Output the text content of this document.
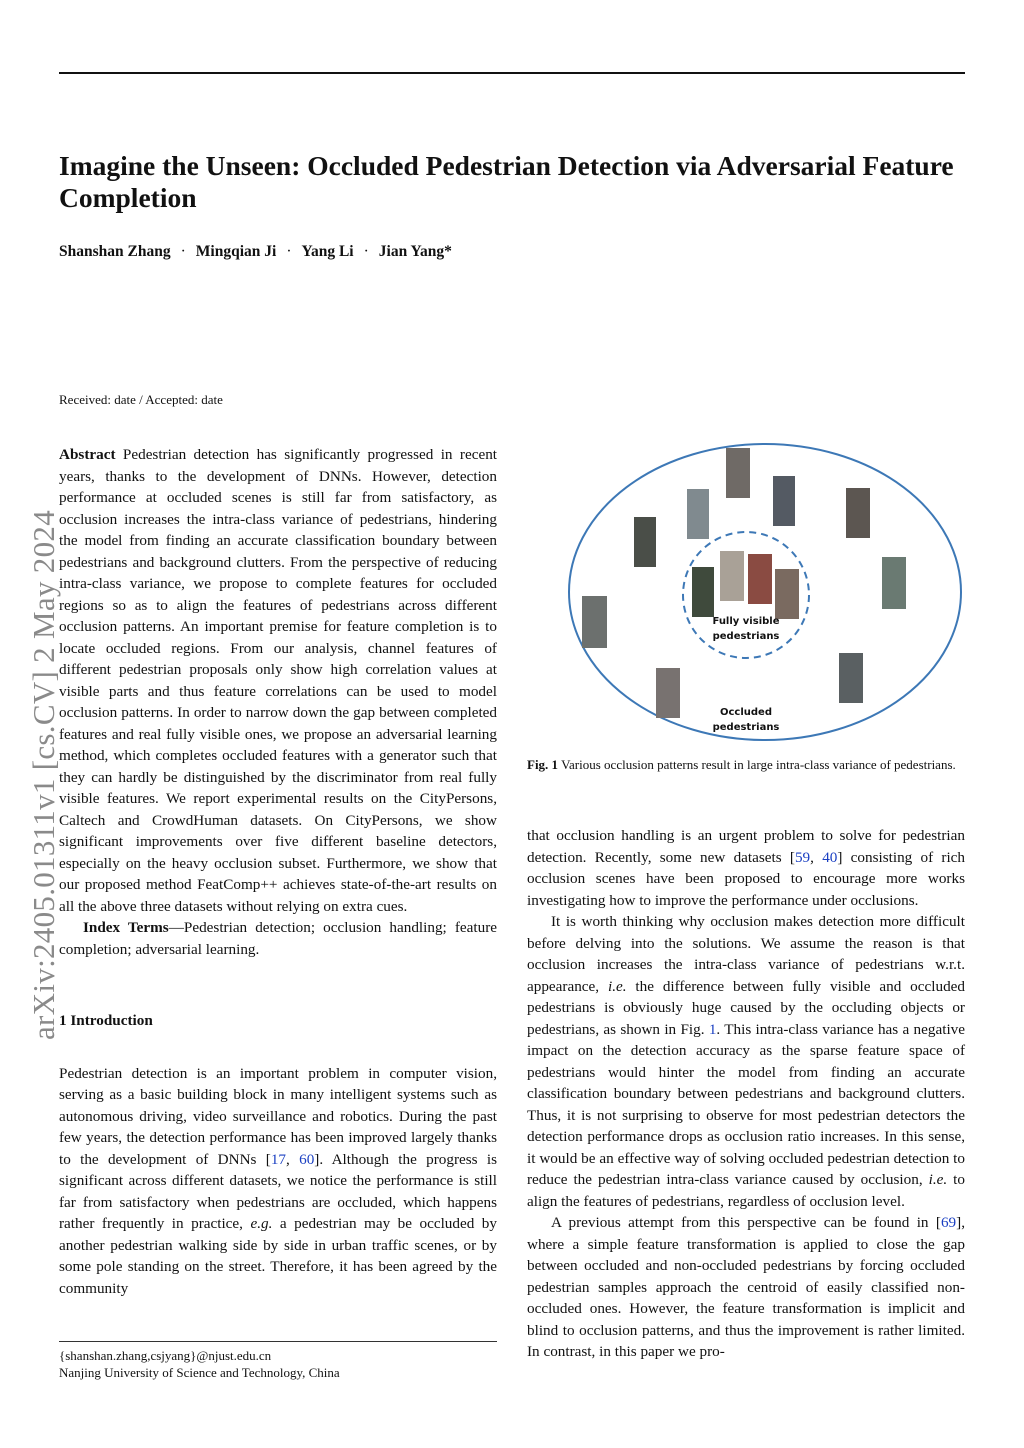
Imagine the Unseen: Occluded Pedestrian Detection via Adversarial Feature Completion
Shanshan Zhang · Mingqian Ji · Yang Li · Jian Yang*
Received: date / Accepted: date
arXiv:2405.01311v1 [cs.CV] 2 May 2024

Abstract Pedestrian detection has significantly progressed in recent years, thanks to the development of DNNs. However, detection performance at occluded scenes is still far from satisfactory, as occlusion increases the intra-class variance of pedestrians, hindering the model from finding an accurate classification boundary between pedestrians and background clutters. From the perspective of reducing intra-class variance, we propose to complete features for occluded regions so as to align the features of pedestrians across different occlusion patterns. An important premise for feature completion is to locate occluded regions. From our analysis, channel features of different pedestrian proposals only show high correlation values at visible parts and thus feature correlations can be used to model occlusion patterns. In order to narrow down the gap between completed features and real fully visible ones, we propose an adversarial learning method, which completes occluded features with a generator such that they can hardly be distinguished by the discriminator from real fully visible features. We report experimental results on the CityPersons, Caltech and CrowdHuman datasets. On CityPersons, we show significant improvements over five different baseline detectors, especially on the heavy occlusion subset. Furthermore, we show that our proposed method FeatComp++ achieves state-of-the-art results on all the above three datasets without relying on extra cues.

Index Terms—Pedestrian detection; occlusion handling; feature completion; adversarial learning.

1 Introduction

Pedestrian detection is an important problem in computer vision, serving as a basic building block in many intelligent systems such as autonomous driving, video surveillance and robotics. During the past few years, the detection performance has been improved largely thanks to the development of DNNs [17, 60]. Although the progress is significant across different datasets, we notice the performance is still far from satisfactory when pedestrians are occluded, which happens rather frequently in practice, e.g. a pedestrian may be occluded by another pedestrian walking side by side in urban traffic scenes, or by some pole standing on the street. Therefore, it has been agreed by the community

{shanshan.zhang,csjyang}@njust.edu.cn
Nanjing University of Science and Technology, China
Fully visible
pedestrians
Occluded
pedestrians
Fig. 1 Various occlusion patterns result in large intra-class variance of pedestrians.

that occlusion handling is an urgent problem to solve for pedestrian detection. Recently, some new datasets [59, 40] consisting of rich occlusion scenes have been proposed to encourage more works investigating how to improve the performance under occlusions.

It is worth thinking why occlusion makes detection more difficult before delving into the solutions. We assume the reason is that occlusion increases the intra-class variance of pedestrians w.r.t. appearance, i.e. the difference between fully visible and occluded pedestrians is obviously huge caused by the occluding objects or pedestrians, as shown in Fig. 1. This intra-class variance has a negative impact on the detection accuracy as the sparse feature space of pedestrians would hinter the model from finding an accurate classification boundary between pedestrians and background clutters. Thus, it is not surprising to observe for most pedestrian detectors the detection performance drops as occlusion ratio increases. In this sense, it would be an effective way of solving occluded pedestrian detection to reduce the pedestrian intra-class variance caused by occlusion, i.e. to align the features of pedestrians, regardless of occlusion level.

A previous attempt from this perspective can be found in [69], where a simple feature transformation is applied to close the gap between occluded and non-occluded pedestrians by forcing occluded pedestrian samples approach the centroid of easily classified non-occluded ones. However, the feature transformation is implicit and blind to occlusion patterns, and thus the improvement is rather limited. In contrast, in this paper we pro-
